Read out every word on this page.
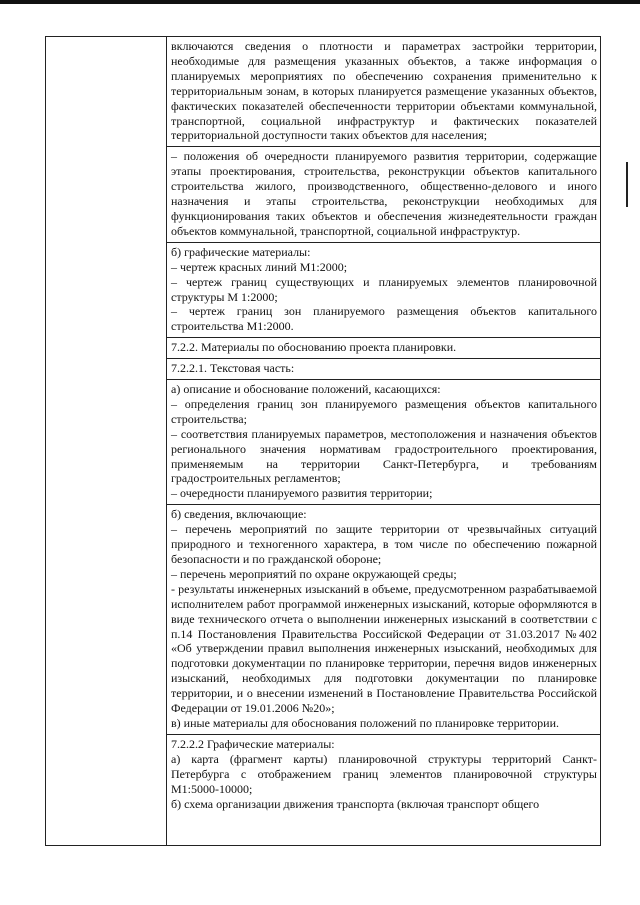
включаются сведения о плотности и параметрах застройки территории, необходимые для размещения указанных объектов, а также информация о планируемых мероприятиях по обеспечению сохранения применительно к территориальным зонам, в которых планируется размещение указанных объектов, фактических показателей обеспеченности территории объектами коммунальной, транспортной, социальной инфраструктур и фактических показателей территориальной доступности таких объектов для населения;

– положения об очередности планируемого развития территории, содержащие этапы проектирования, строительства, реконструкции объектов капитального строительства жилого, производственного, общественно-делового и иного назначения и этапы строительства, реконструкции необходимых для функционирования таких объектов и обеспечения жизнедеятельности граждан объектов коммунальной, транспортной, социальной инфраструктур.

б) графические материалы:

– чертеж красных линий М1:2000;

– чертеж границ существующих и планируемых элементов планировочной структуры М 1:2000;

– чертеж границ зон планируемого размещения объектов капитального строительства М1:2000.

7.2.2. Материалы по обоснованию проекта планировки.

7.2.2.1. Текстовая часть:

а) описание и обоснование положений, касающихся:

– определения границ зон планируемого размещения объектов капитального строительства;

– соответствия планируемых параметров, местоположения и назначения объектов регионального значения нормативам градостроительного проектирования, применяемым на территории Санкт-Петербурга, и требованиям градостроительных регламентов;

– очередности планируемого развития территории;

б) сведения, включающие:

– перечень мероприятий по защите территории от чрезвычайных ситуаций природного и техногенного характера, в том числе по обеспечению пожарной безопасности и по гражданской обороне;

– перечень мероприятий по охране окружающей среды;

- результаты инженерных изысканий в объеме, предусмотренном разрабатываемой исполнителем работ программой инженерных изысканий, которые оформляются в виде технического отчета о выполнении инженерных изысканий в соответствии с п.14 Постановления Правительства Российской Федерации от 31.03.2017 №402 «Об утверждении правил выполнения инженерных изысканий, необходимых для подготовки документации по планировке территории, перечня видов инженерных изысканий, необходимых для подготовки документации по планировке территории, и о внесении изменений в Постановление Правительства Российской Федерации от 19.01.2006 №20»;

в) иные материалы для обоснования положений по планировке территории.

7.2.2.2 Графические материалы:

а) карта (фрагмент карты) планировочной структуры территорий Санкт-Петербурга с отображением границ элементов планировочной структуры М1:5000-10000;

б) схема организации движения транспорта (включая транспорт общего
